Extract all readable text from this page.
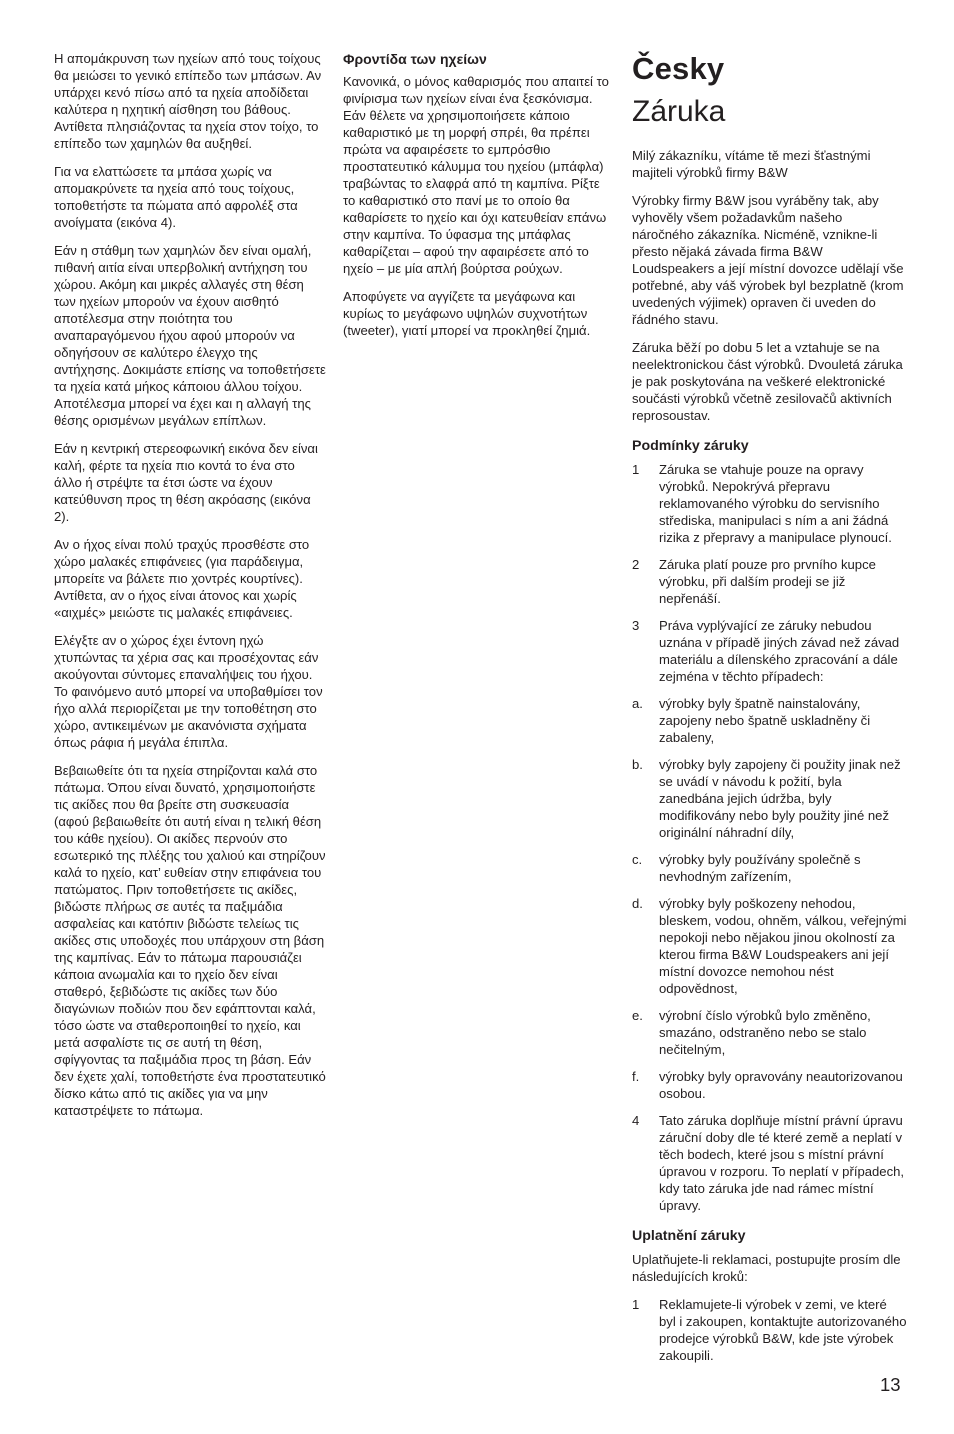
Η απομάκρυνση των ηχείων από τους τοίχους θα μειώσει το γενικό επίπεδο των μπάσων. Αν υπάρχει κενό πίσω από τα ηχεία αποδίδεται καλύτερα η ηχητική αίσθηση του βάθους. Αντίθετα πλησιάζοντας τα ηχεία στον τοίχο, το επίπεδο των χαμηλών θα αυξηθεί.

Για να ελαττώσετε τα μπάσα χωρίς να απομακρύνετε τα ηχεία από τους τοίχους, τοποθετήστε τα πώματα από αφρολέξ στα ανοίγματα (εικόνα 4).

Εάν η στάθμη των χαμηλών δεν είναι ομαλή, πιθανή αιτία είναι υπερβολική αντήχηση του χώρου. Ακόμη και μικρές αλλαγές στη θέση των ηχείων μπορούν να έχουν αισθητό αποτέλεσμα στην ποιότητα του αναπαραγόμενου ήχου αφού μπορούν να οδηγήσουν σε καλύτερο έλεγχο της αντήχησης. Δοκιμάστε επίσης να τοποθετήσετε τα ηχεία κατά μήκος κάποιου άλλου τοίχου. Αποτέλεσμα μπορεί να έχει και η αλλαγή της θέσης ορισμένων μεγάλων επίπλων.

Εάν η κεντρική στερεοφωνική εικόνα δεν είναι καλή, φέρτε τα ηχεία πιο κοντά το ένα στο άλλο ή στρέψτε τα έτσι ώστε να έχουν κατεύθυνση προς τη θέση ακρόασης (εικόνα 2).

Αν ο ήχος είναι πολύ τραχύς προσθέστε στο χώρο μαλακές επιφάνειες (για παράδειγμα, μπορείτε να βάλετε πιο χοντρές κουρτίνες). Αντίθετα, αν ο ήχος είναι άτονος και χωρίς «αιχμές» μειώστε τις μαλακές επιφάνειες.

Ελέγξτε αν ο χώρος έχει έντονη ηχώ χτυπώντας τα χέρια σας και προσέχοντας εάν ακούγονται σύντομες επαναλήψεις του ήχου. Το φαινόμενο αυτό μπορεί να υποβαθμίσει τον ήχο αλλά περιορίζεται με την τοποθέτηση στο χώρο, αντικειμένων με ακανόνιστα σχήματα όπως ράφια ή μεγάλα έπιπλα.

Βεβαιωθείτε ότι τα ηχεία στηρίζονται καλά στο πάτωμα. Όπου είναι δυνατό, χρησιμοποιήστε τις ακίδες που θα βρείτε στη συσκευασία (αφού βεβαιωθείτε ότι αυτή είναι η τελική θέση του κάθε ηχείου). Οι ακίδες περνούν στο εσωτερικό της πλέξης του χαλιού και στηρίζουν καλά το ηχείο, κατ’ ευθείαν στην επιφάνεια του πατώματος. Πριν τοποθετήσετε τις ακίδες, βιδώστε πλήρως σε αυτές τα παξιμάδια ασφαλείας και κατόπιν βιδώστε τελείως τις ακίδες στις υποδοχές που υπάρχουν στη βάση της καμπίνας. Εάν το πάτωμα παρουσιάζει κάποια ανωμαλία και το ηχείο δεν είναι σταθερό, ξεβιδώστε τις ακίδες των δύο διαγώνιων ποδιών που δεν εφάπτονται καλά, τόσο ώστε να σταθεροποιηθεί το ηχείο, και μετά ασφαλίστε τις σε αυτή τη θέση, σφίγγοντας τα παξιμάδια προς τη βάση. Εάν δεν έχετε χαλί, τοποθετήστε ένα προστατευτικό δίσκο κάτω από τις ακίδες για να μην καταστρέψετε το πάτωμα.

Φροντίδα των ηχείων

Κανονικά, ο μόνος καθαρισμός που απαιτεί το φινίρισμα των ηχείων είναι ένα ξεσκόνισμα. Εάν θέλετε να χρησιμοποιήσετε κάποιο καθαριστικό με τη μορφή σπρέι, θα πρέπει πρώτα να αφαιρέσετε το εμπρόσθιο προστατευτικό κάλυμμα του ηχείου (μπάφλα) τραβώντας το ελαφρά από τη καμπίνα. Ρίξτε το καθαριστικό στο πανί με το οποίο θα καθαρίσετε το ηχείο και όχι κατευθείαν επάνω στην καμπίνα. Το ύφασμα της μπάφλας καθαρίζεται – αφού την αφαιρέσετε από το ηχείο – με μία απλή βούρτσα ρούχων.

Αποφύγετε να αγγίζετε τα μεγάφωνα και κυρίως το μεγάφωνο υψηλών συχνοτήτων (tweeter), γιατί μπορεί να προκληθεί ζημιά.

Česky
Záruka

Milý zákazníku, vítáme tě mezi šťastnými majiteli výrobků firmy B&W

Výrobky firmy B&W jsou vyráběny tak, aby vyhověly všem požadavkům našeho náročného zákazníka. Nicméně, vznikne-li přesto nějaká závada firma B&W Loudspeakers a její místní dovozce udělají vše potřebné, aby váš výrobek byl bezplatně (krom uvedených výjimek) opraven či uveden do řádného stavu.

Záruka běží po dobu 5 let a vztahuje se na neelektronickou část výrobků. Dvouletá záruka je pak poskytována na veškeré elektronické součásti výrobků včetně zesilovačů aktivních reprosoustav.

Podmínky záruky
1 Záruka se vtahuje pouze na opravy výrobků. Nepokrývá přepravu reklamovaného výrobku do servisního střediska, manipulaci s ním a ani žádná rizika z přepravy a manipulace plynoucí.
2 Záruka platí pouze pro prvního kupce výrobku, při dalším prodeji se již nepřenáší.
3 Práva vyplývající ze záruky nebudou uznána v případě jiných závad než závad materiálu a dílenského zpracování a dále zejména v těchto případech:
a. výrobky byly špatně nainstalovány, zapojeny nebo špatně uskladněny či zabaleny,
b. výrobky byly zapojeny či použity jinak než se uvádí v návodu k požití, byla zanedbána jejich údržba, byly modifikovány nebo byly použity jiné než originální náhradní díly,
c. výrobky byly používány společně s nevhodným zařízením,
d. výrobky byly poškozeny nehodou, bleskem, vodou, ohněm, válkou, veřejnými nepokoji nebo nějakou jinou okolností za kterou firma B&W Loudspeakers ani její místní dovozce nemohou nést odpovědnost,
e. výrobní číslo výrobků bylo změněno, smazáno, odstraněno nebo se stalo nečitelným,
f. výrobky byly opravovány neautorizovanou osobou.
4 Tato záruka doplňuje místní právní úpravu záruční doby dle té které země a neplatí v těch bodech, které jsou s místní právní úpravou v rozporu. To neplatí v případech, kdy tato záruka jde nad rámec místní úpravy.
Uplatnění záruky

Uplatňujete-li reklamaci, postupujte prosím dle následujících kroků:

1 Reklamujete-li výrobek v zemi, ve které byl i zakoupen, kontaktujte autorizovaného prodejce výrobků B&W, kde jste výrobek zakoupili.
13
